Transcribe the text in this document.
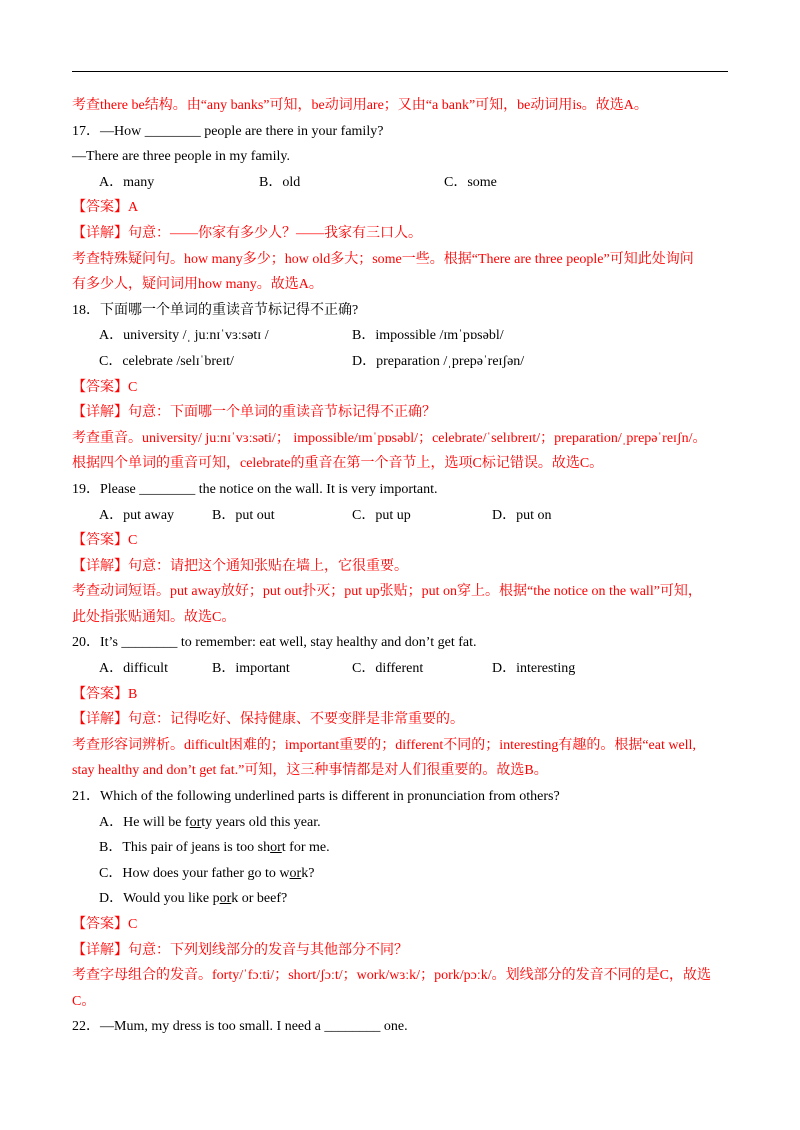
考查there be结构。由“any banks”可知，be动词用are；又由“a bank”可知，be动词用is。故选A。
17．—How ________ people are there in your family?
—There are three people in my family.
A．many	B．old	C．some
【答案】A
【详解】句意：——你家有多少人？——我家有三口人。
考查特殊疑问句。how many多少；how old多大；some一些。根据“There are three people”可知此处询问
有多少人，疑问词用how many。故选A。
18．下面哪一个单词的重读音节标记得不正确?
A．university /ˌ juːnɪˈvɜːsətɪ /	B．impossible /ɪmˈpɒsəbl/
C．celebrate /selɪˈbreɪt/	D．preparation /ˌprepəˈreɪʃən/
【答案】C
【详解】句意：下面哪一个单词的重读音节标记得不正确？
考查重音。university/ juːnɪˈvɜːsəti/； impossible/ɪmˈpɒsəbl/；celebrate/ˈselɪbreɪt/；preparation/ˌprepəˈreɪʃn/。
根据四个单词的重音可知，celebrate的重音在第一个音节上，选项C标记错误。故选C。
19．Please ________ the notice on the wall. It is very important.
A．put away	B．put out	C．put up	D．put on
【答案】C
【详解】句意：请把这个通知张贴在墙上，它很重要。
考查动词短语。put away放好；put out扑灭；put up张贴；put on穿上。根据“the notice on the wall”可知，
此处指张贴通知。故选C。
20．It’s ________ to remember: eat well, stay healthy and don’t get fat.
A．difficult	B．important	C．different	D．interesting
【答案】B
【详解】句意：记得吃好、保持健康、不要变胖是非常重要的。
考查形容词辨析。difficult困难的；important重要的；different不同的；interesting有趣的。根据“eat well,
stay healthy and don’t get fat.”可知，这三种事情都是对人们很重要的。故选B。
21．Which of the following underlined parts is different in pronunciation from others?
A．He will be forty years old this year.
B．This pair of jeans is too short for me.
C．How does your father go to work?
D．Would you like pork or beef?
【答案】C
【详解】句意：下列划线部分的发音与其他部分不同？
考查字母组合的发音。forty/ˈfɔːti/；short/ʃɔːt/；work/wɜːk/；pork/pɔːk/。划线部分的发音不同的是C，故选
C。
22．—Mum, my dress is too small. I need a ________ one.
